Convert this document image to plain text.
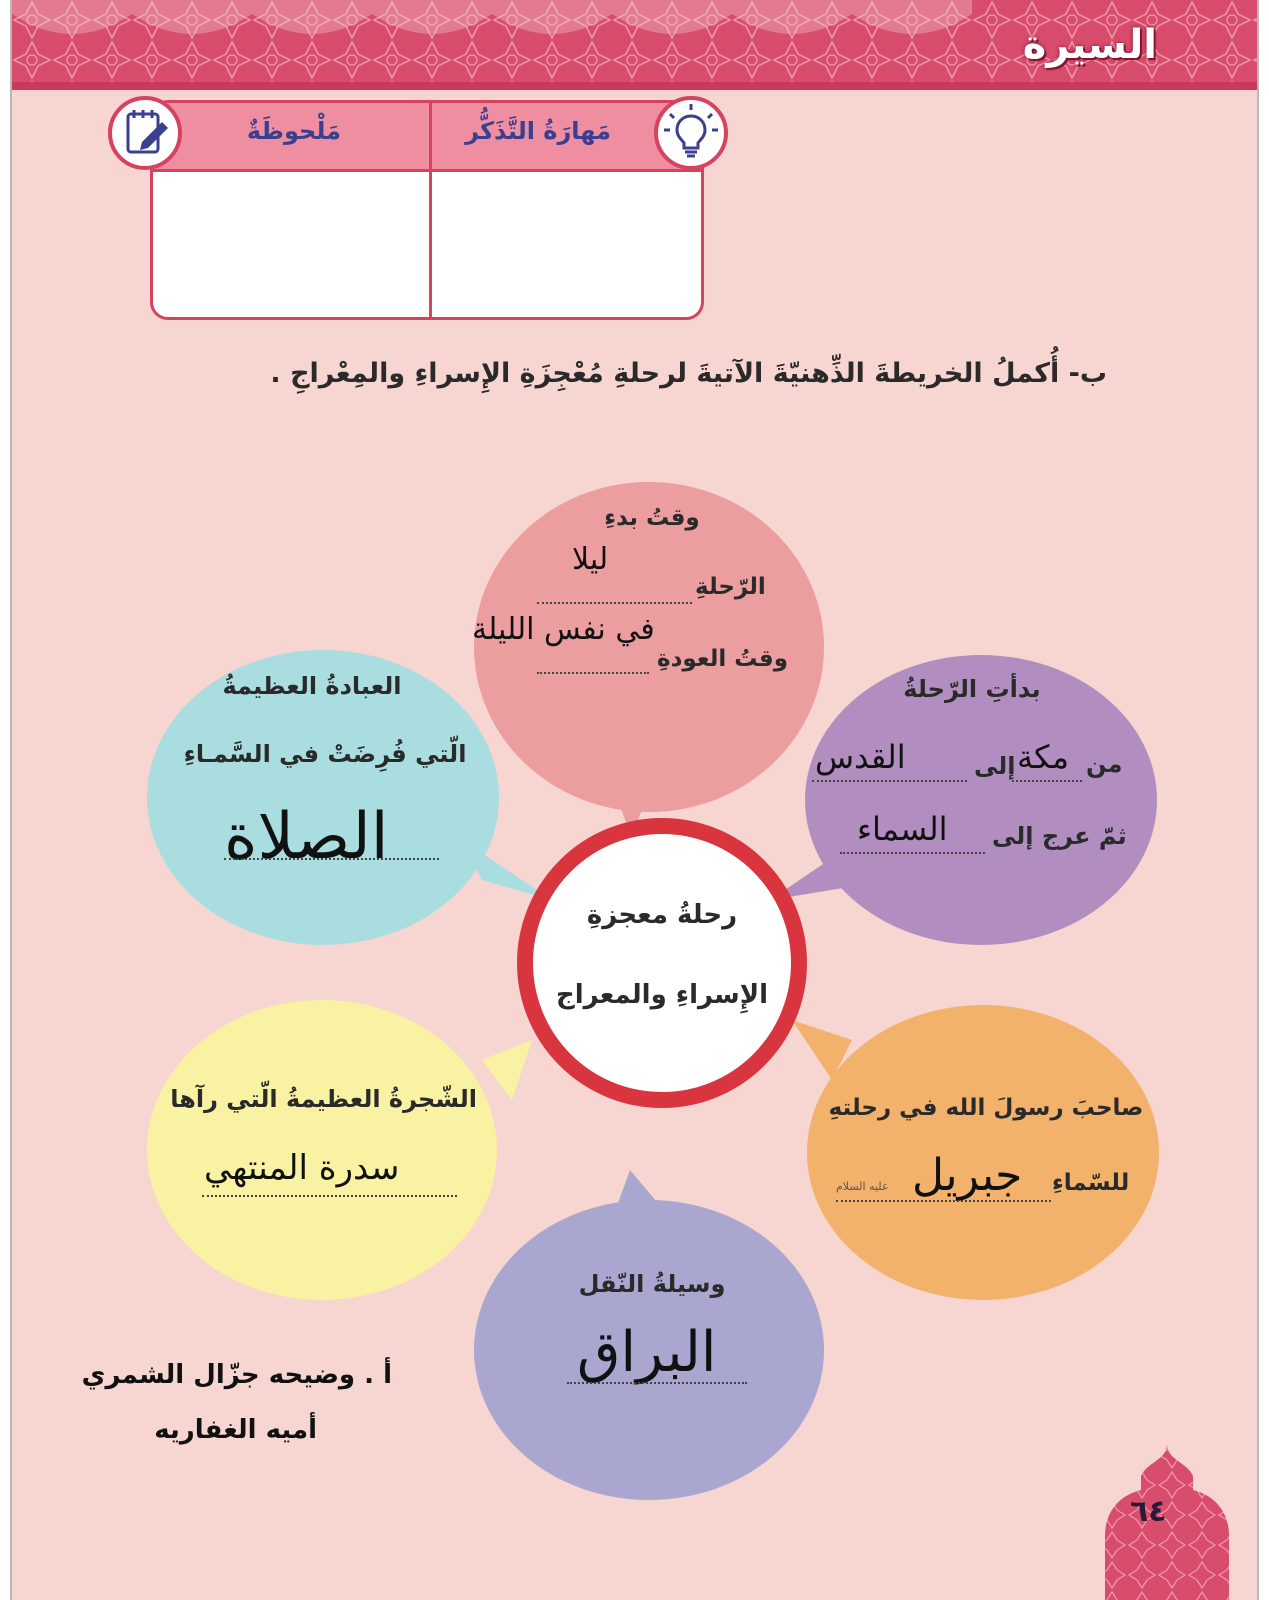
السيرة
مَهارَةُ التَّذَكُّر
مَلْحوظَةٌ
ب- أُكملُ الخريطةَ الذِّهنيّةَ الآتيةَ لرحلةِ مُعْجِزَةِ الإِسراءِ والمِعْراجِ .
وقتُ بدءِ
ليلا
الرّحلةِ
في نفس الليلة
وقتُ العودةِ
بدأتِ الرّحلةُ
من
مكة
إلى
القدس
ثمّ عرج إلى
السماء
العبادةُ العظيمةُ
الّتي فُرِضَتْ في السَّمـاءِ
الصلاة
صاحبَ رسولَ الله في رحلتهِ
للسّماءِ
جبريل
عليه السلام
الشّجرةُ العظيمةُ الّتي رآها
سدرة المنتهي
وسيلةُ النّقل
البراق
رحلةُ معجزةِ
الإِسراءِ والمعراج
أ . وضيحه جزّال الشمري
أميه الغفاريه
٦٤
